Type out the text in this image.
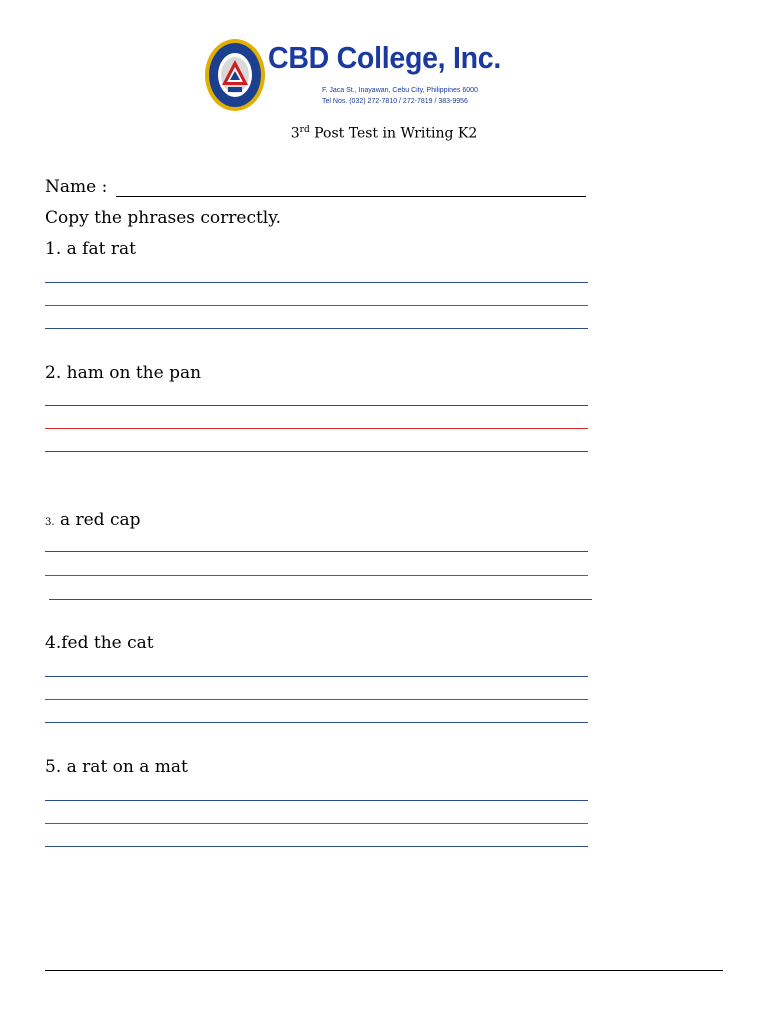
CBD College, Inc.
F. Jaca St., Inayawan, Cebu City, Philippines 6000
Tel Nos. (032) 272-7810 / 272-7819 / 383-9956
3rd Post Test in Writing K2
Name :
Copy the phrases correctly.
1. a fat rat
2. ham on the pan
3. a red cap
4.fed the cat
5. a rat on a mat
